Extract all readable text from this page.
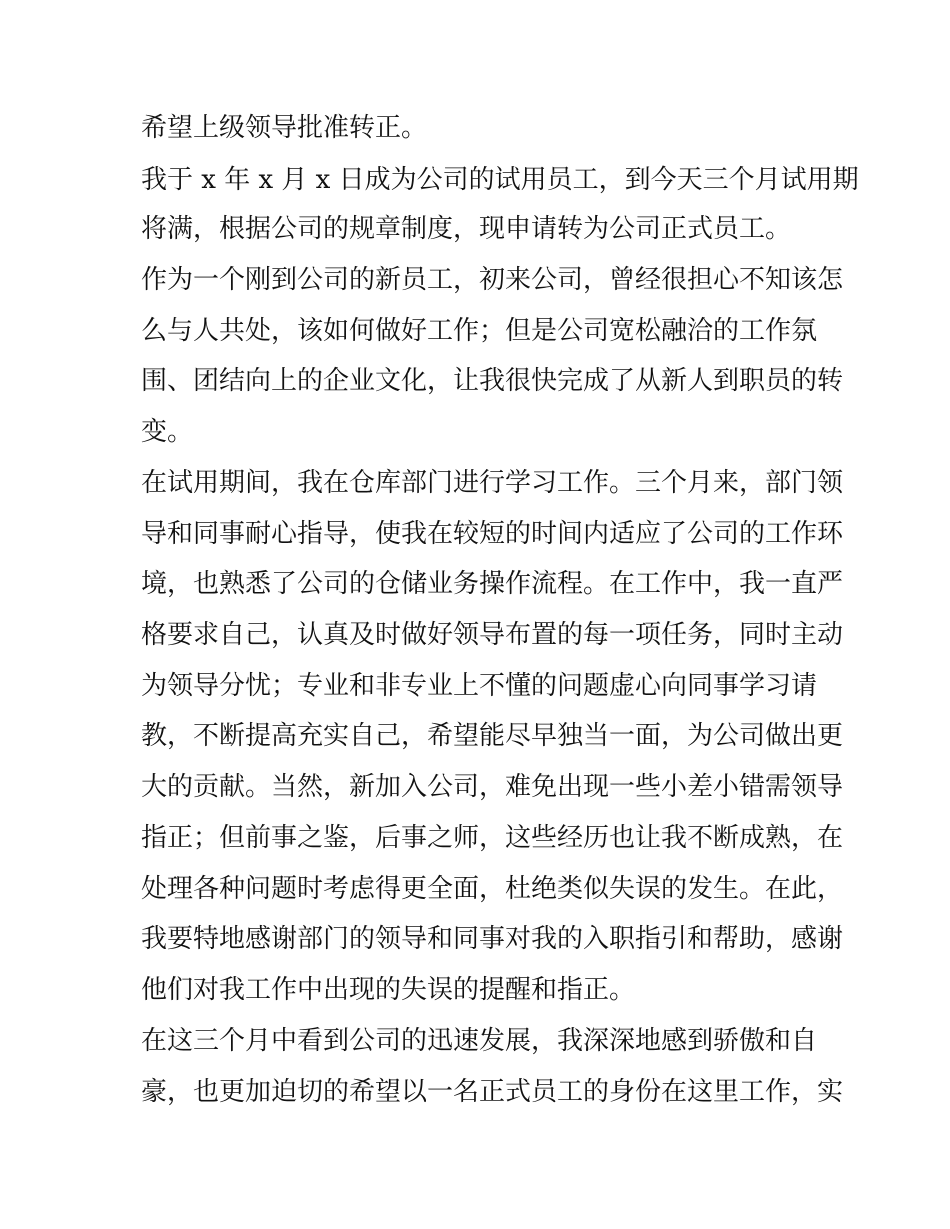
希望上级领导批准转正。
我于 x 年 x 月 x 日成为公司的试用员工，到今天三个月试用期
将满，根据公司的规章制度，现申请转为公司正式员工。
作为一个刚到公司的新员工，初来公司，曾经很担心不知该怎
么与人共处，该如何做好工作；但是公司宽松融洽的工作氛
围、团结向上的企业文化，让我很快完成了从新人到职员的转
变。
在试用期间，我在仓库部门进行学习工作。三个月来，部门领
导和同事耐心指导，使我在较短的时间内适应了公司的工作环
境，也熟悉了公司的仓储业务操作流程。在工作中，我一直严
格要求自己，认真及时做好领导布置的每一项任务，同时主动
为领导分忧；专业和非专业上不懂的问题虚心向同事学习请
教，不断提高充实自己，希望能尽早独当一面，为公司做出更
大的贡献。当然，新加入公司，难免出现一些小差小错需领导
指正；但前事之鉴，后事之师，这些经历也让我不断成熟，在
处理各种问题时考虑得更全面，杜绝类似失误的发生。在此，
我要特地感谢部门的领导和同事对我的入职指引和帮助，感谢
他们对我工作中出现的失误的提醒和指正。
在这三个月中看到公司的迅速发展，我深深地感到骄傲和自
豪，也更加迫切的希望以一名正式员工的身份在这里工作，实
